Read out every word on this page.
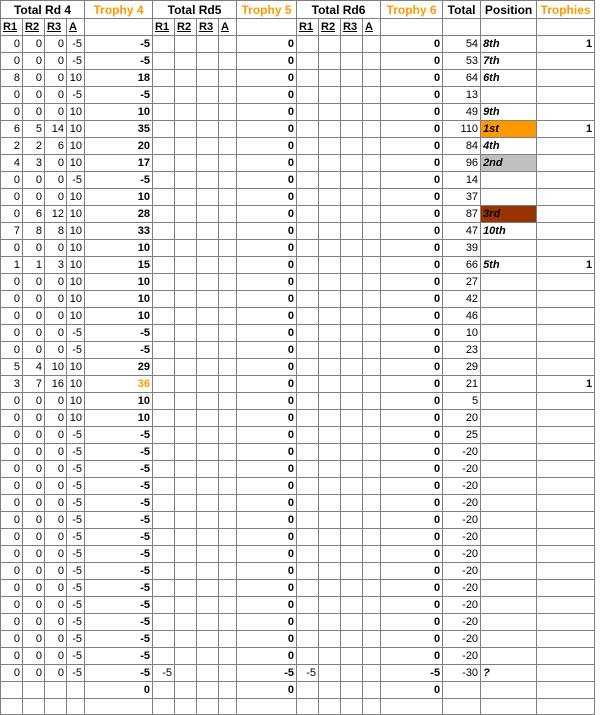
Total Rd 4				Trophy 4	Total Rd5				Trophy 5	Total Rd6				Trophy 6	Total	Position	Trophies
R1	R2	R3	A		R1	R2	R3	A		R1	R2	R3	A				
0	0	0	-5	-5					0					0	54	8th	1
0	0	0	-5	-5					0					0	53	7th	
8	0	0	10	18					0					0	64	6th	
0	0	0	-5	-5					0					0	13		
0	0	0	10	10					0					0	49	9th	
6	5	14	10	35					0					0	110	1st	1
2	2	6	10	20					0					0	84	4th	
4	3	0	10	17					0					0	96	2nd	
0	0	0	-5	-5					0					0	14		
0	0	0	10	10					0					0	37		
0	6	12	10	28					0					0	87	3rd	
7	8	8	10	33					0					0	47	10th	
0	0	0	10	10					0					0	39		
1	1	3	10	15					0					0	66	5th	1
0	0	0	10	10					0					0	27		
0	0	0	10	10					0					0	42		
0	0	0	10	10					0					0	46		
0	0	0	-5	-5					0					0	10		
0	0	0	-5	-5					0					0	23		
5	4	10	10	29					0					0	29		
3	7	16	10	36					0					0	21		1
0	0	0	10	10					0					0	5		
0	0	0	10	10					0					0	20		
0	0	0	-5	-5					0					0	25		
0	0	0	-5	-5					0					0	-20		
0	0	0	-5	-5					0					0	-20		
0	0	0	-5	-5					0					0	-20		
0	0	0	-5	-5					0					0	-20		
0	0	0	-5	-5					0					0	-20		
0	0	0	-5	-5					0					0	-20		
0	0	0	-5	-5					0					0	-20		
0	0	0	-5	-5					0					0	-20		
0	0	0	-5	-5					0					0	-20		
0	0	0	-5	-5					0					0	-20		
0	0	0	-5	-5					0					0	-20		
0	0	0	-5	-5					0					0	-20		
0	0	0	-5	-5					0					0	-20		
0	0	0	-5	-5	-5				-5	-5				-5	-30	?	
				0					0					0			
